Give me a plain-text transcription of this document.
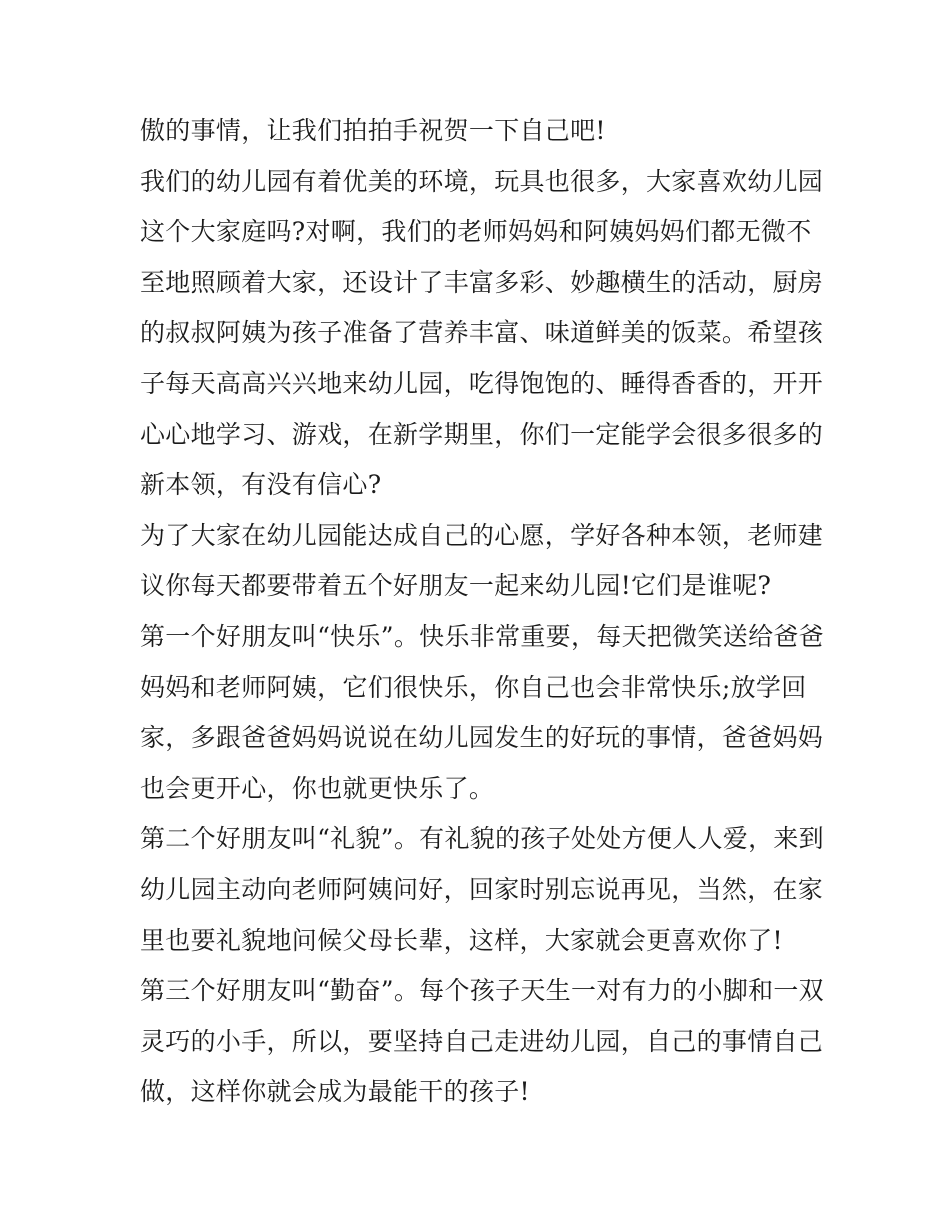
傲的事情，让我们拍拍手祝贺一下自己吧!
我们的幼儿园有着优美的环境，玩具也很多，大家喜欢幼儿园
这个大家庭吗?对啊，我们的老师妈妈和阿姨妈妈们都无微不
至地照顾着大家，还设计了丰富多彩、妙趣横生的活动，厨房
的叔叔阿姨为孩子准备了营养丰富、味道鲜美的饭菜。希望孩
子每天高高兴兴地来幼儿园，吃得饱饱的、睡得香香的，开开
心心地学习、游戏，在新学期里，你们一定能学会很多很多的
新本领，有没有信心?
为了大家在幼儿园能达成自己的心愿，学好各种本领，老师建
议你每天都要带着五个好朋友一起来幼儿园!它们是谁呢?
第一个好朋友叫“快乐”。快乐非常重要，每天把微笑送给爸爸
妈妈和老师阿姨，它们很快乐，你自己也会非常快乐;放学回
家，多跟爸爸妈妈说说在幼儿园发生的好玩的事情，爸爸妈妈
也会更开心，你也就更快乐了。
第二个好朋友叫“礼貌”。有礼貌的孩子处处方便人人爱，来到
幼儿园主动向老师阿姨问好，回家时别忘说再见，当然，在家
里也要礼貌地问候父母长辈，这样，大家就会更喜欢你了!
第三个好朋友叫“勤奋”。每个孩子天生一对有力的小脚和一双
灵巧的小手，所以，要坚持自己走进幼儿园，自己的事情自己
做，这样你就会成为最能干的孩子!
